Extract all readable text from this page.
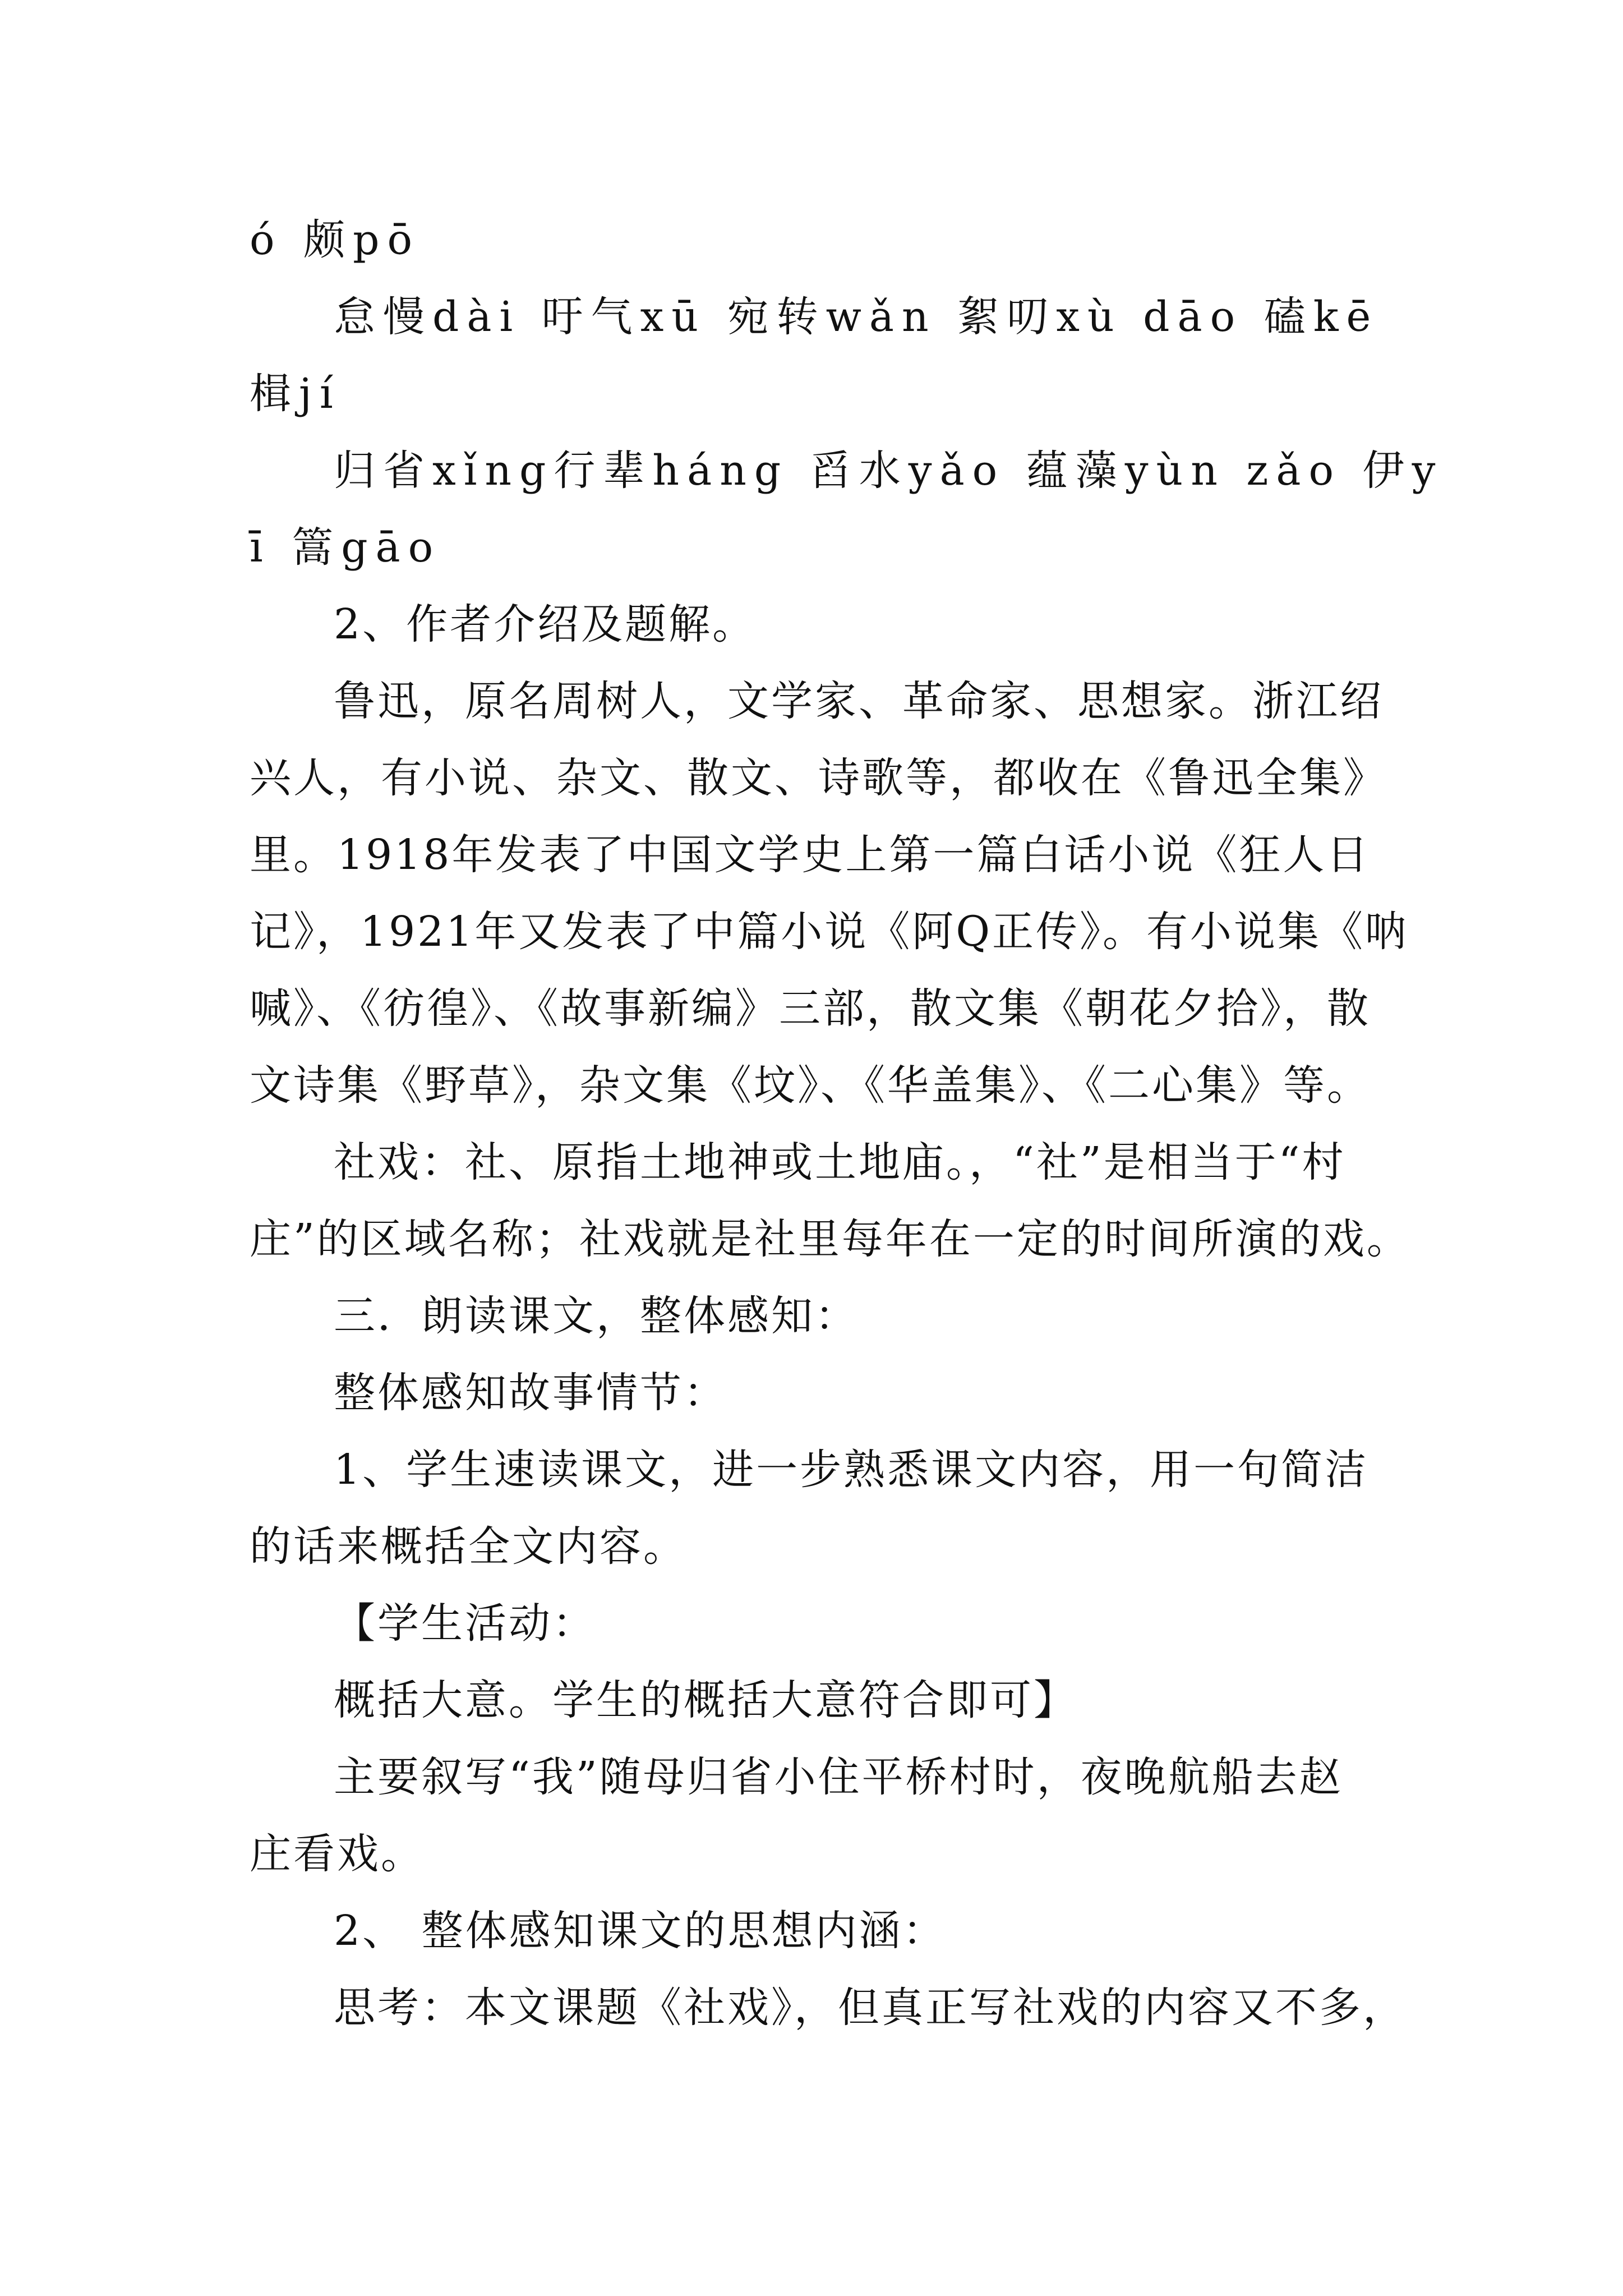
ó 颇pō

怠慢dài 吁气xū 宛转wǎn 絮叨xù dāo 磕kē

楫jí

归省xǐng行辈háng 舀水yǎo 蕴藻yùn zǎo 伊y

ī 篙gāo

2、作者介绍及题解。

鲁迅，原名周树人，文学家、革命家、思想家。浙江绍

兴人，有小说、杂文、散文、诗歌等，都收在《鲁迅全集》

里。1918年发表了中国文学史上第一篇白话小说《狂人日

记》，1921年又发表了中篇小说《阿Q正传》。有小说集《呐

喊》、《彷徨》、《故事新编》三部，散文集《朝花夕拾》，散

文诗集《野草》，杂文集《坟》、《华盖集》、《二心集》等。

社戏：社、原指土地神或土地庙。，“社”是相当于“村

庄”的区域名称；社戏就是社里每年在一定的时间所演的戏。

三．朗读课文，整体感知：

整体感知故事情节：

1、学生速读课文，进一步熟悉课文内容，用一句简洁

的话来概括全文内容。

【学生活动：

概括大意。学生的概括大意符合即可】

主要叙写“我”随母归省小住平桥村时，夜晚航船去赵

庄看戏。

2、 整体感知课文的思想内涵：

思考：本文课题《社戏》，但真正写社戏的内容又不多，
